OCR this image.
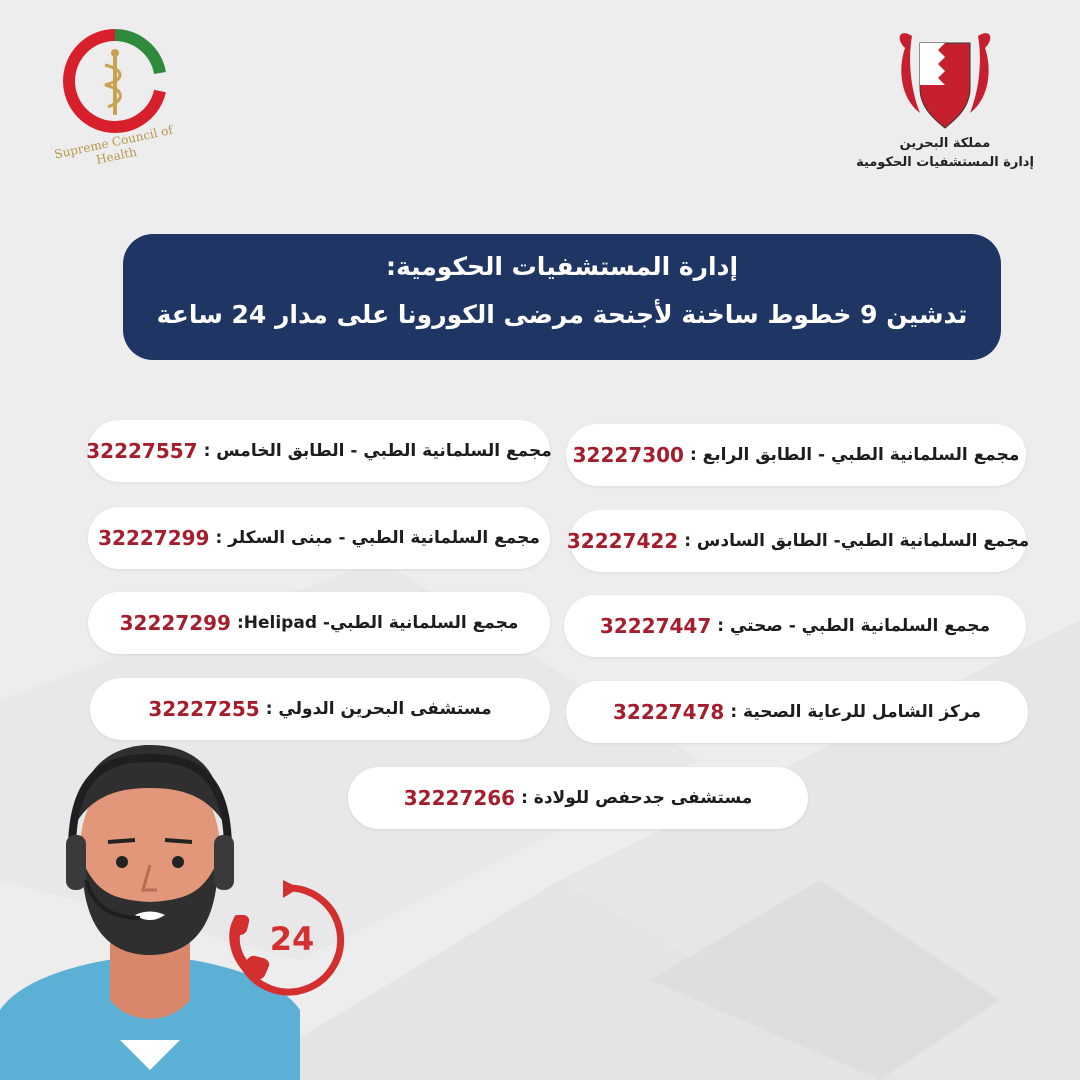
Supreme Council of Health
مملكة البحرين
إدارة المستشفيات الحكومية
إدارة المستشفيات الحكومية:
تدشين 9 خطوط ساخنة لأجنحة مرضى الكورونا على مدار 24 ساعة
مجمع السلمانية الطبي - الطابق الرابع :
32227300
مجمع السلمانية الطبي - الطابق الخامس :
32227557
مجمع السلمانية الطبي- الطابق السادس :
32227422
مجمع السلمانية الطبي - مبنى السكلر :
32227299
مجمع السلمانية الطبي - صحتي :
32227447
مجمع السلمانية الطبي- Helipad:
32227299
مركز الشامل للرعاية الصحية :
32227478
مستشفى البحرين الدولي :
32227255
مستشفى جدحفص للولادة :
32227266
24
